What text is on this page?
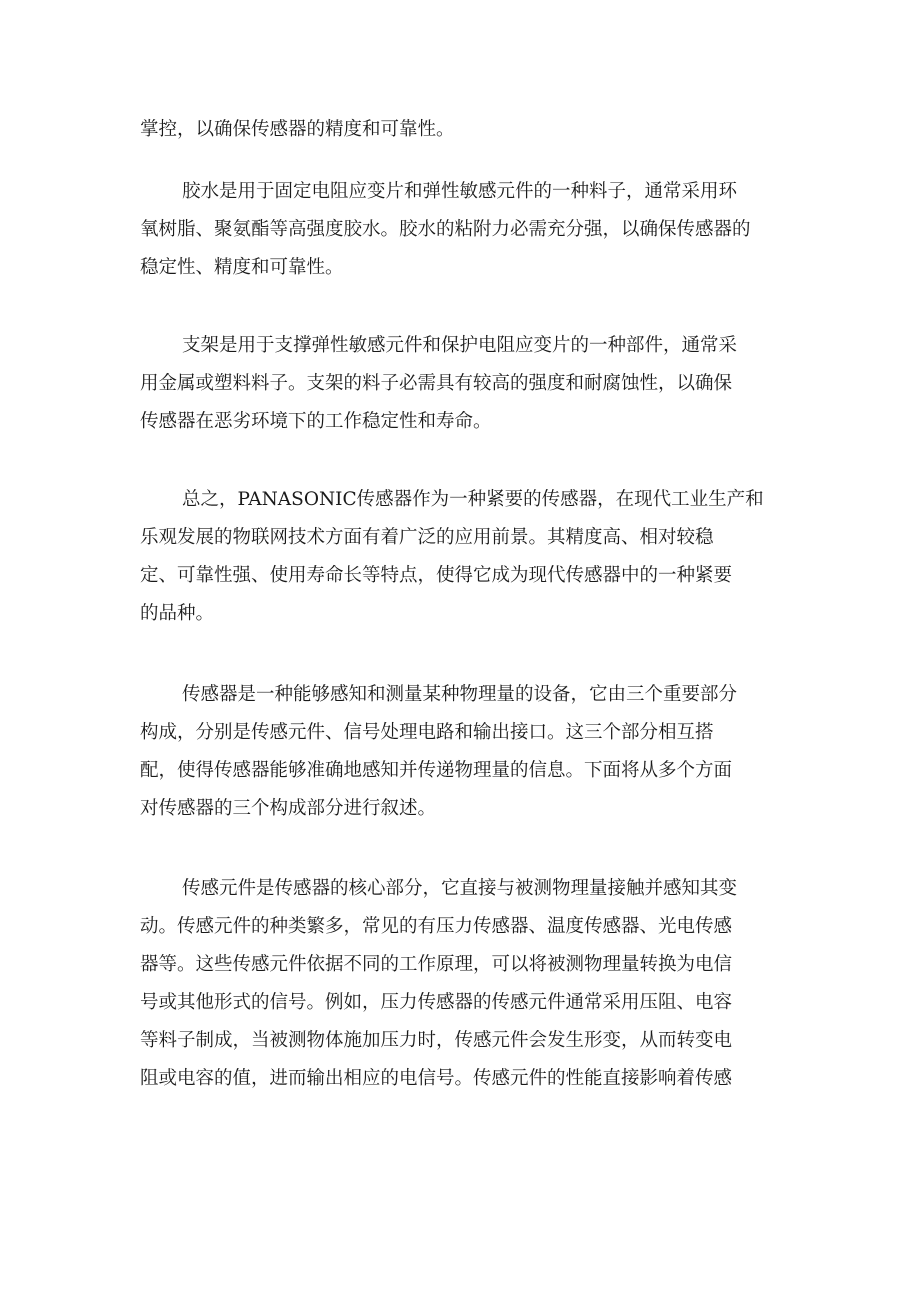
掌控，以确保传感器的精度和可靠性。

胶水是用于固定电阻应变片和弹性敏感元件的一种料子，通常采用环

氧树脂、聚氨酯等高强度胶水。胶水的粘附力必需充分强，以确保传感器的

稳定性、精度和可靠性。

支架是用于支撑弹性敏感元件和保护电阻应变片的一种部件，通常采

用金属或塑料料子。支架的料子必需具有较高的强度和耐腐蚀性，以确保

传感器在恶劣环境下的工作稳定性和寿命。

总之，PANASONIC传感器作为一种紧要的传感器，在现代工业生产和

乐观发展的物联网技术方面有着广泛的应用前景。其精度高、相对较稳

定、可靠性强、使用寿命长等特点，使得它成为现代传感器中的一种紧要

的品种。

传感器是一种能够感知和测量某种物理量的设备，它由三个重要部分

构成，分别是传感元件、信号处理电路和输出接口。这三个部分相互搭

配，使得传感器能够准确地感知并传递物理量的信息。下面将从多个方面

对传感器的三个构成部分进行叙述。

传感元件是传感器的核心部分，它直接与被测物理量接触并感知其变

动。传感元件的种类繁多，常见的有压力传感器、温度传感器、光电传感

器等。这些传感元件依据不同的工作原理，可以将被测物理量转换为电信

号或其他形式的信号。例如，压力传感器的传感元件通常采用压阻、电容

等料子制成，当被测物体施加压力时，传感元件会发生形变，从而转变电

阻或电容的值，进而输出相应的电信号。传感元件的性能直接影响着传感
